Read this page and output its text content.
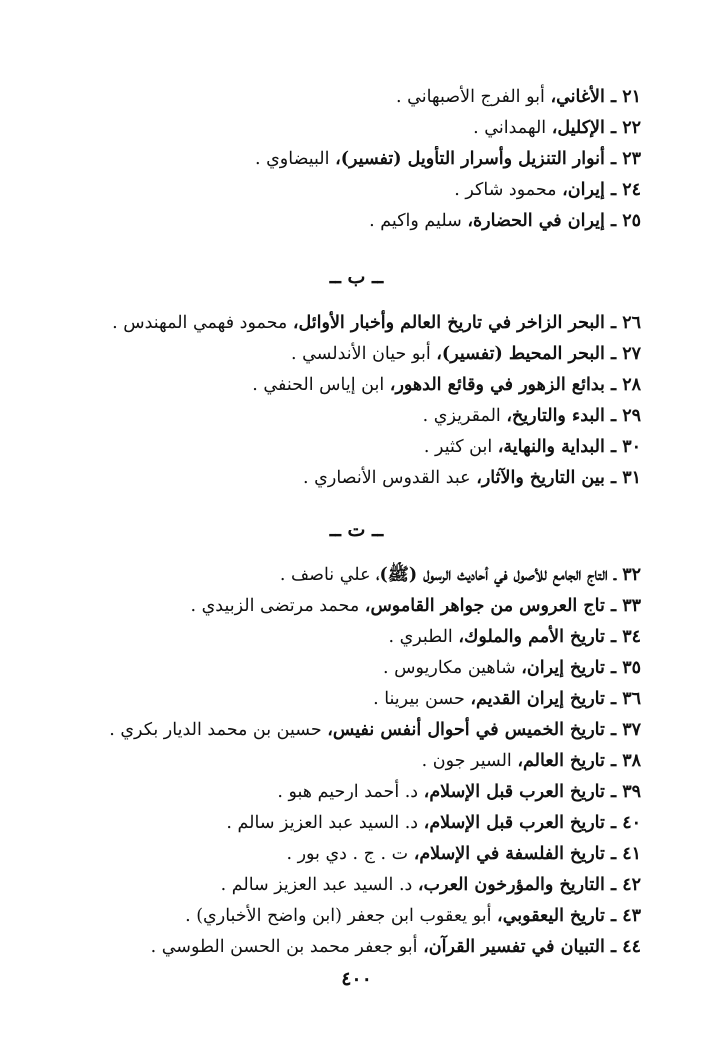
٢١ ـ الأغاني، أبو الفرج الأصبهاني .
٢٢ ـ الإكليل، الهمداني .
٢٣ ـ أنوار التنزيل وأسرار التأويل (تفسير)، البيضاوي .
٢٤ ـ إيران، محمود شاكر .
٢٥ ـ إيران في الحضارة، سليم واكيم .
ــ ب ــ
٢٦ ـ البحر الزاخر في تاريخ العالم وأخبار الأوائل، محمود فهمي المهندس .
٢٧ ـ البحر المحيط (تفسير)، أبو حيان الأندلسي .
٢٨ ـ بدائع الزهور في وقائع الدهور، ابن إياس الحنفي .
٢٩ ـ البدء والتاريخ، المقريزي .
٣٠ ـ البداية والنهاية، ابن كثير .
٣١ ـ بين التاريخ والآثار، عبد القدوس الأنصاري .
ــ ت ــ
٣٢ ـ التاج الجامع للأصول في أحاديث الرسول (ﷺ)، علي ناصف .
٣٣ ـ تاج العروس من جواهر القاموس، محمد مرتضى الزبيدي .
٣٤ ـ تاريخ الأمم والملوك، الطبري .
٣٥ ـ تاريخ إيران، شاهين مكاريوس .
٣٦ ـ تاريخ إيران القديم، حسن بيرينا .
٣٧ ـ تاريخ الخميس في أحوال أنفس نفيس، حسين بن محمد الديار بكري .
٣٨ ـ تاريخ العالم، السير جون .
٣٩ ـ تاريخ العرب قبل الإسلام، د. أحمد ارحيم هبو .
٤٠ ـ تاريخ العرب قبل الإسلام، د. السيد عبد العزيز سالم .
٤١ ـ تاريخ الفلسفة في الإسلام، ت . ج . دي بور .
٤٢ ـ التاريخ والمؤرخون العرب، د. السيد عبد العزيز سالم .
٤٣ ـ تاريخ اليعقوبي، أبو يعقوب ابن جعفر (ابن واضح الأخباري) .
٤٤ ـ التبيان في تفسير القرآن، أبو جعفر محمد بن الحسن الطوسي .
٤٠٠
